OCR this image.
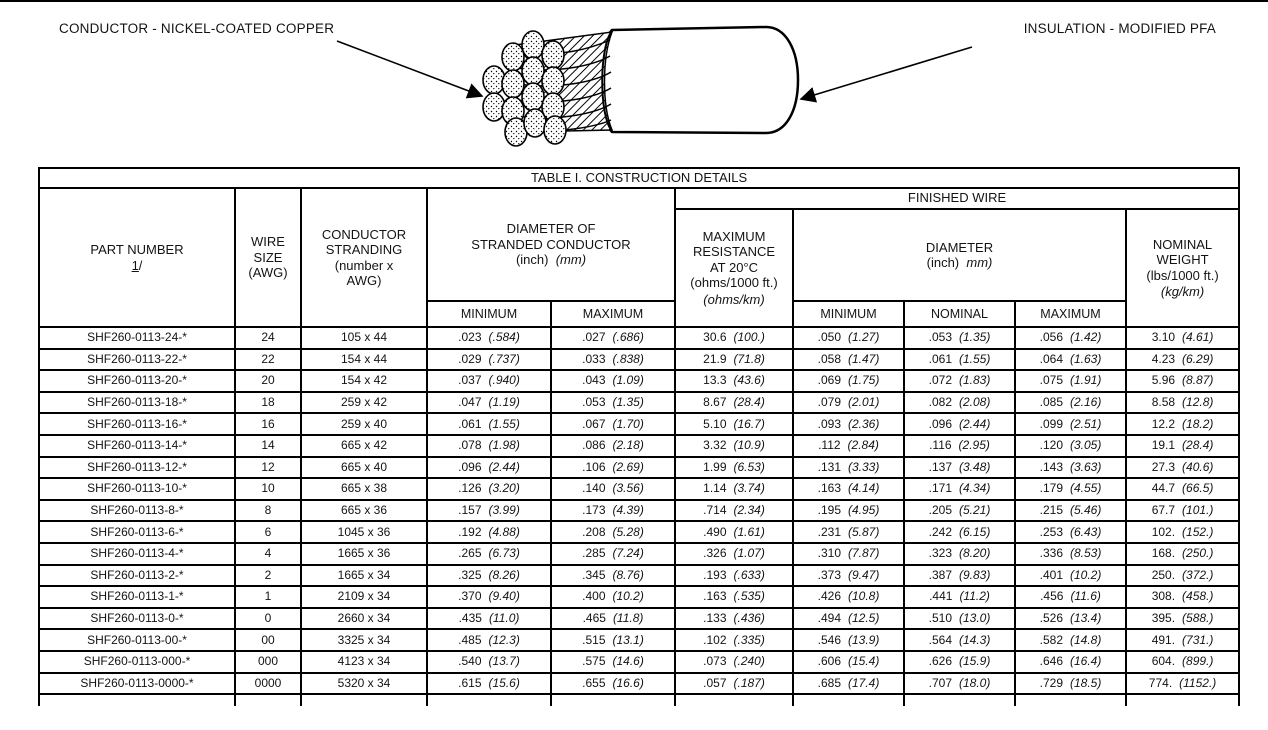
CONDUCTOR - NICKEL-COATED COPPER	INSULATION - MODIFIED PFA
TABLE I. CONSTRUCTION DETAILS									

PART NUMBER
1/

WIRE
SIZE
(AWG)

CONDUCTOR
STRANDING
(number x
AWG)

DIAMETER OF
STRANDED CONDUCTOR
(inch) (mm)
	FINISHED WIRE

MAXIMUM
RESISTANCE
AT 20°C
(ohms/1000 ft.)
(ohms/km)

DIAMETER
(inch) mm)

NOMINAL
WEIGHT
(lbs/1000 ft.)
(kg/km)

			MINIMUM	MAXIMUM		MINIMUM	NOMINAL	MAXIMUM	
SHF260-0113-24-*	24	105 x 44	.023 (.584)	.027 (.686)	30.6 (100.)	.050 (1.27)	.053 (1.35)	.056 (1.42)	3.10 (4.61)

SHF260-0113-22-*	22	154 x 44	.029 (.737)	.033 (.838)	21.9 (71.8)	.058 (1.47)	.061 (1.55)	.064 (1.63)	4.23 (6.29)

SHF260-0113-20-*	20	154 x 42	.037 (.940)	.043 (1.09)	13.3 (43.6)	.069 (1.75)	.072 (1.83)	.075 (1.91)	5.96 (8.87)

SHF260-0113-18-*	18	259 x 42	.047 (1.19)	.053 (1.35)	8.67 (28.4)	.079 (2.01)	.082 (2.08)	.085 (2.16)	8.58 (12.8)

SHF260-0113-16-*	16	259 x 40	.061 (1.55)	.067 (1.70)	5.10 (16.7)	.093 (2.36)	.096 (2.44)	.099 (2.51)	12.2 (18.2)

SHF260-0113-14-*	14	665 x 42	.078 (1.98)	.086 (2.18)	3.32 (10.9)	.112 (2.84)	.116 (2.95)	.120 (3.05)	19.1 (28.4)

SHF260-0113-12-*	12	665 x 40	.096 (2.44)	.106 (2.69)	1.99 (6.53)	.131 (3.33)	.137 (3.48)	.143 (3.63)	27.3 (40.6)

SHF260-0113-10-*	10	665 x 38	.126 (3.20)	.140 (3.56)	1.14 (3.74)	.163 (4.14)	.171 (4.34)	.179 (4.55)	44.7 (66.5)

SHF260-0113-8-*	8	665 x 36	.157 (3.99)	.173 (4.39)	.714 (2.34)	.195 (4.95)	.205 (5.21)	.215 (5.46)	67.7 (101.)

SHF260-0113-6-*	6	1045 x 36	.192 (4.88)	.208 (5.28)	.490 (1.61)	.231 (5.87)	.242 (6.15)	.253 (6.43)	102. (152.)

SHF260-0113-4-*	4	1665 x 36	.265 (6.73)	.285 (7.24)	.326 (1.07)	.310 (7.87)	.323 (8.20)	.336 (8.53)	168. (250.)

SHF260-0113-2-*	2	1665 x 34	.325 (8.26)	.345 (8.76)	.193 (.633)	.373 (9.47)	.387 (9.83)	.401 (10.2)	250. (372.)

SHF260-0113-1-*	1	2109 x 34	.370 (9.40)	.400 (10.2)	.163 (.535)	.426 (10.8)	.441 (11.2)	.456 (11.6)	308. (458.)

SHF260-0113-0-*	0	2660 x 34	.435 (11.0)	.465 (11.8)	.133 (.436)	.494 (12.5)	.510 (13.0)	.526 (13.4)	395. (588.)

SHF260-0113-00-*	00	3325 x 34	.485 (12.3)	.515 (13.1)	.102 (.335)	.546 (13.9)	.564 (14.3)	.582 (14.8)	491. (731.)

SHF260-0113-000-*	000	4123 x 34	.540 (13.7)	.575 (14.6)	.073 (.240)	.606 (15.4)	.626 (15.9)	.646 (16.4)	604. (899.)

SHF260-0113-0000-*	0000	5320 x 34	.615 (15.6)	.655 (16.6)	.057 (.187)	.685 (17.4)	.707 (18.0)	.729 (18.5)	774. (1152.)
